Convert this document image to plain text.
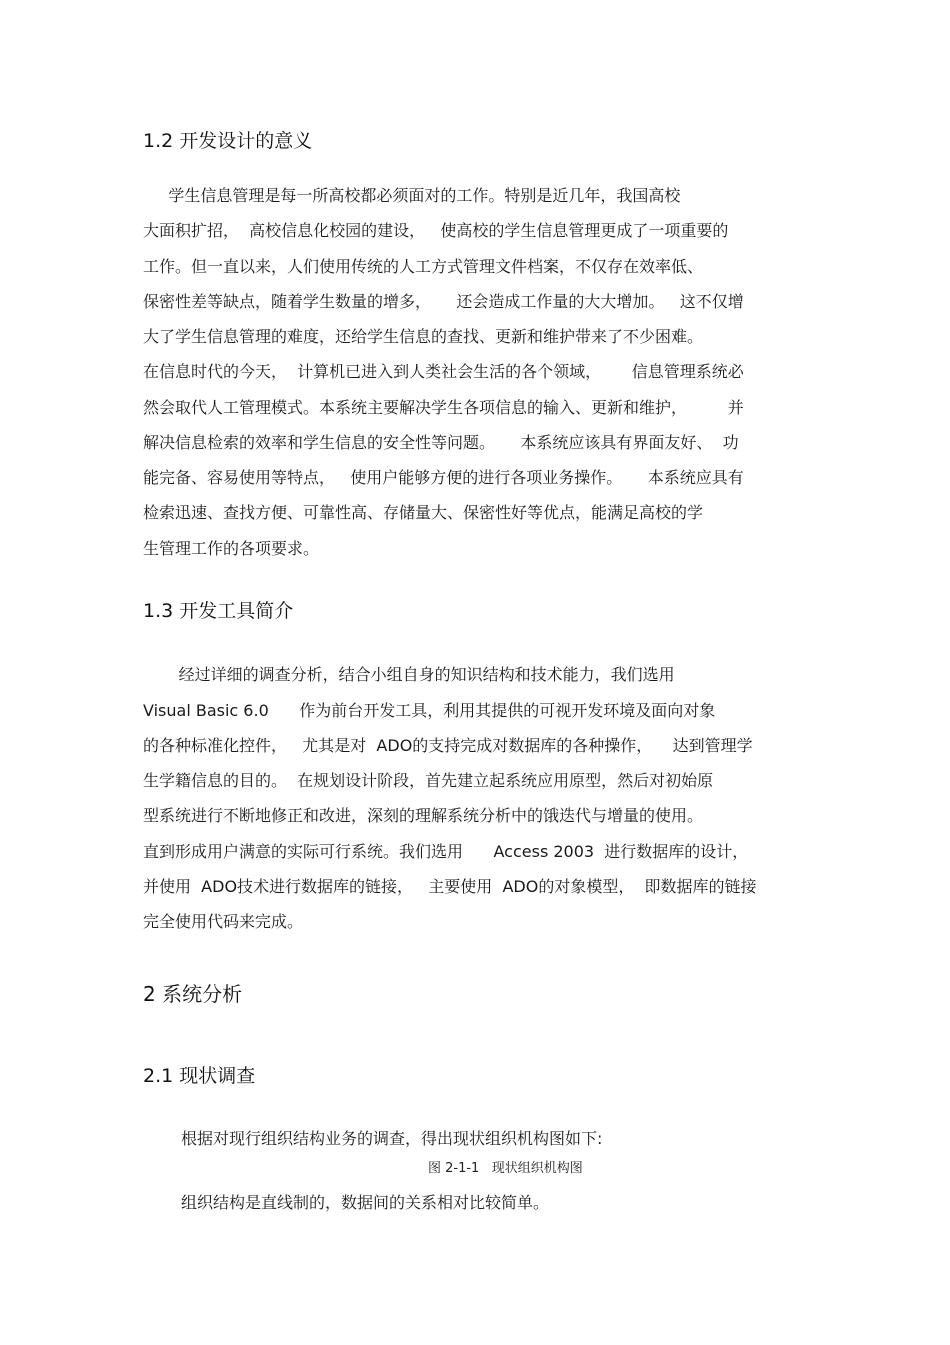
1.2 开发设计的意义
学生信息管理是每一所高校都必须面对的工作。特别是近几年，我国高校
大面积扩招，  高校信息化校园的建设，   使高校的学生信息管理更成了一项重要的
工作。但一直以来，人们使用传统的人工方式管理文件档案，不仅存在效率低、
保密性差等缺点，随着学生数量的增多，     还会造成工作量的大大增加。   这不仅增
大了学生信息管理的难度，还给学生信息的查找、更新和维护带来了不少困难。
在信息时代的今天，  计算机已进入到人类社会生活的各个领域，      信息管理系统必
然会取代人工管理模式。本系统主要解决学生各项信息的输入、更新和维护，        并
解决信息检索的效率和学生信息的安全性等问题。     本系统应该具有界面友好、  功
能完备、容易使用等特点，   使用户能够方便的进行各项业务操作。     本系统应具有
检索迅速、查找方便、可靠性高、存储量大、保密性好等优点，能满足高校的学
生管理工作的各项要求。
1.3 开发工具简介
经过详细的调查分析，结合小组自身的知识结构和技术能力，我们选用
Visual Basic 6.0      作为前台开发工具，利用其提供的可视开发环境及面向对象
的各种标准化控件，   尤其是对  ADO的支持完成对数据库的各种操作，    达到管理学
生学籍信息的目的。  在规划设计阶段，首先建立起系统应用原型，然后对初始原
型系统进行不断地修正和改进，深刻的理解系统分析中的饿迭代与增量的使用。
直到形成用户满意的实际可行系统。我们选用      Access 2003  进行数据库的设计，
并使用  ADO技术进行数据库的链接，   主要使用  ADO的对象模型，  即数据库的链接
完全使用代码来完成。
2 系统分析
2.1 现状调查
根据对现行组织结构业务的调查，得出现状组织机构图如下:
图 2-1-1   现状组织机构图
组织结构是直线制的，数据间的关系相对比较简单。
